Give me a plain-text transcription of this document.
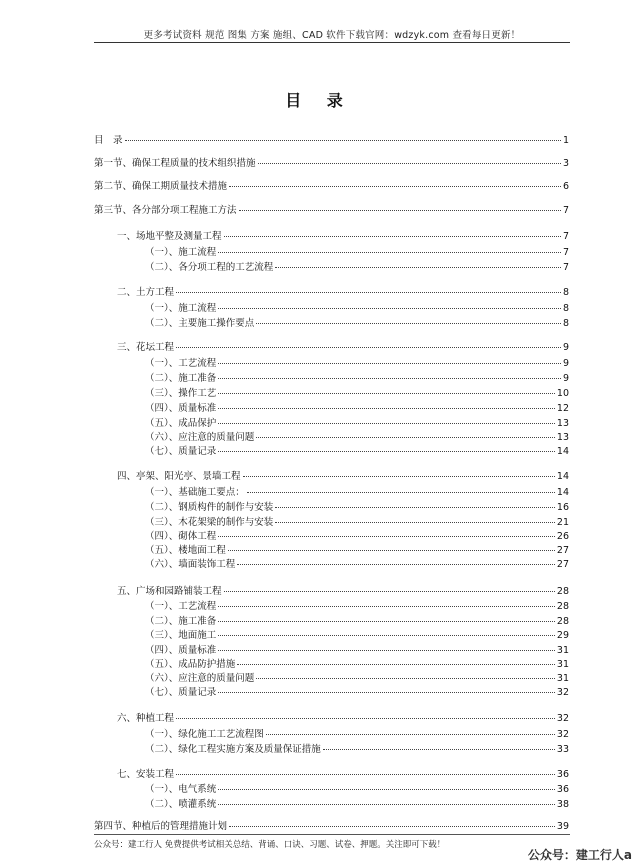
更多考试资料 规范 图集 方案 施组、CAD 软件下载官网：wdzyk.com 查看每日更新！
目 录
目　录	1
第一节、确保工程质量的技术组织措施	3
第二节、确保工期质量技术措施	6
第三节、各分部分项工程施工方法	7
一、场地平整及测量工程	7
（一）、施工流程	7
（二）、各分项工程的工艺流程	7
二、土方工程	8
（一）、施工流程	8
（二）、主要施工操作要点	8
三、花坛工程	9
（一）、工艺流程	9
（二）、施工准备	9
（三）、操作工艺	10
（四）、质量标准	12
（五）、成品保护	13
（六）、应注意的质量问题	13
（七）、质量记录	14
四、亭架、阳光亭、景墙工程	14
（一）、基础施工要点：	14
（二）、钢质构件的制作与安装	16
（三）、木花架梁的制作与安装	21
（四）、砌体工程	26
（五）、楼地面工程	27
（六）、墙面装饰工程	27
五、广场和园路铺装工程	28
（一）、工艺流程	28
（二）、施工准备	28
（三）、地面施工	29
（四）、质量标准	31
（五）、成品防护措施	31
（六）、应注意的质量问题	31
（七）、质量记录	32
六、种植工程	32
（一）、绿化施工工艺流程图	32
（二）、绿化工程实施方案及质量保证措施	33
七、安装工程	36
（一）、电气系统	36
（二）、喷灌系统	38
第四节、种植后的管理措施计划	39
公众号：建工行人 免费提供考试相关总结、背诵、口诀、习题、试卷、押题。关注即可下载！
公众号：建工行人a
